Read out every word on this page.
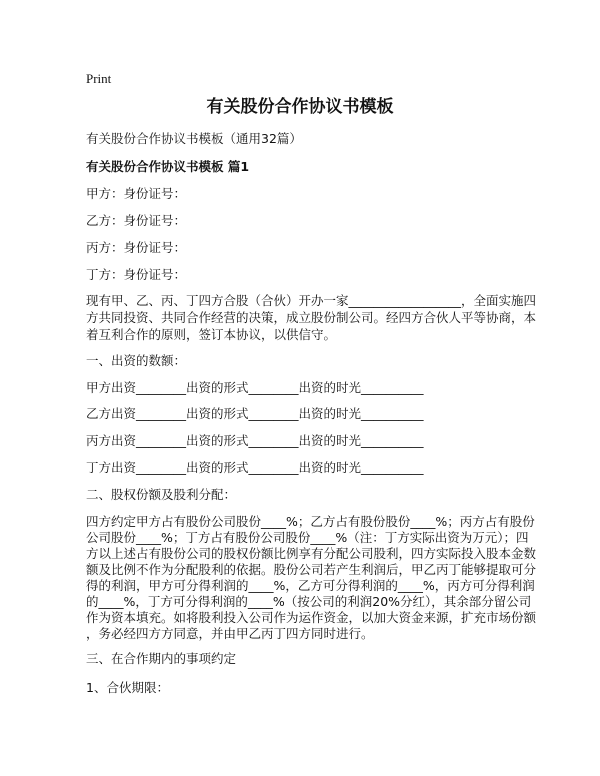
Print
有关股份合作协议书模板
有关股份合作协议书模板（通用32篇）
有关股份合作协议书模板 篇1
甲方：身份证号：
乙方：身份证号：
丙方：身份证号：
丁方：身份证号：
现有甲、乙、丙、丁四方合股（合伙）开办一家__________________，全面实施四
方共同投资、共同合作经营的决策，成立股份制公司。经四方合伙人平等协商，本
着互利合作的原则，签订本协议，以供信守。
一、出资的数额：
甲方出资________出资的形式________出资的时光__________
乙方出资________出资的形式________出资的时光__________
丙方出资________出资的形式________出资的时光__________
丁方出资________出资的形式________出资的时光__________
二、股权份额及股利分配：
四方约定甲方占有股份公司股份____%；乙方占有股份股份____%；丙方占有股份
公司股份____%；丁方占有股份公司股份____%（注：丁方实际出资为万元）；四
方以上述占有股份公司的股权份额比例享有分配公司股利，四方实际投入股本金数
额及比例不作为分配股利的依据。股份公司若产生利润后，甲乙丙丁能够提取可分
得的利润，甲方可分得利润的____%，乙方可分得利润的____%，丙方可分得利润
的____%，丁方可分得利润的____%（按公司的利润20%分红），其余部分留公司
作为资本填充。如将股利投入公司作为运作资金，以加大资金来源，扩充市场份额
，务必经四方方同意，并由甲乙丙丁四方同时进行。
三、在合作期内的事项约定
1、合伙期限：
